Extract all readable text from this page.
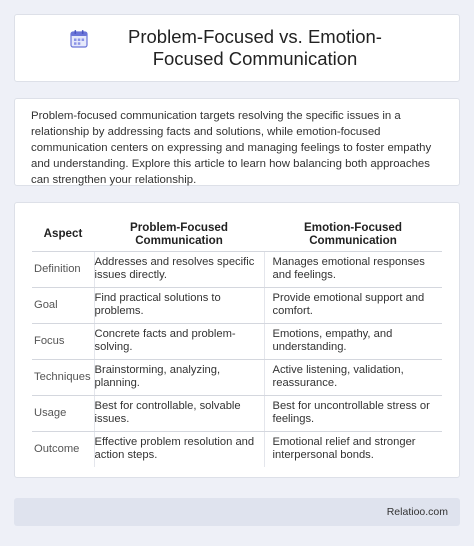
Problem-Focused vs. Emotion-Focused Communication

Problem-focused communication targets resolving the specific issues in a relationship by addressing facts and solutions, while emotion-focused communication centers on expressing and managing feelings to foster empathy and understanding. Explore this article to learn how balancing both approaches can strengthen your relationship.

Aspect	Problem-Focused Communication	Emotion-Focused Communication
Definition	Addresses and resolves specific issues directly.	Manages emotional responses and feelings.
Goal	Find practical solutions to problems.	Provide emotional support and comfort.
Focus	Concrete facts and problem-solving.	Emotions, empathy, and understanding.
Techniques	Brainstorming, analyzing, planning.	Active listening, validation, reassurance.
Usage	Best for controllable, solvable issues.	Best for uncontrollable stress or feelings.
Outcome	Effective problem resolution and action steps.	Emotional relief and stronger interpersonal bonds.
Relatioo.com
